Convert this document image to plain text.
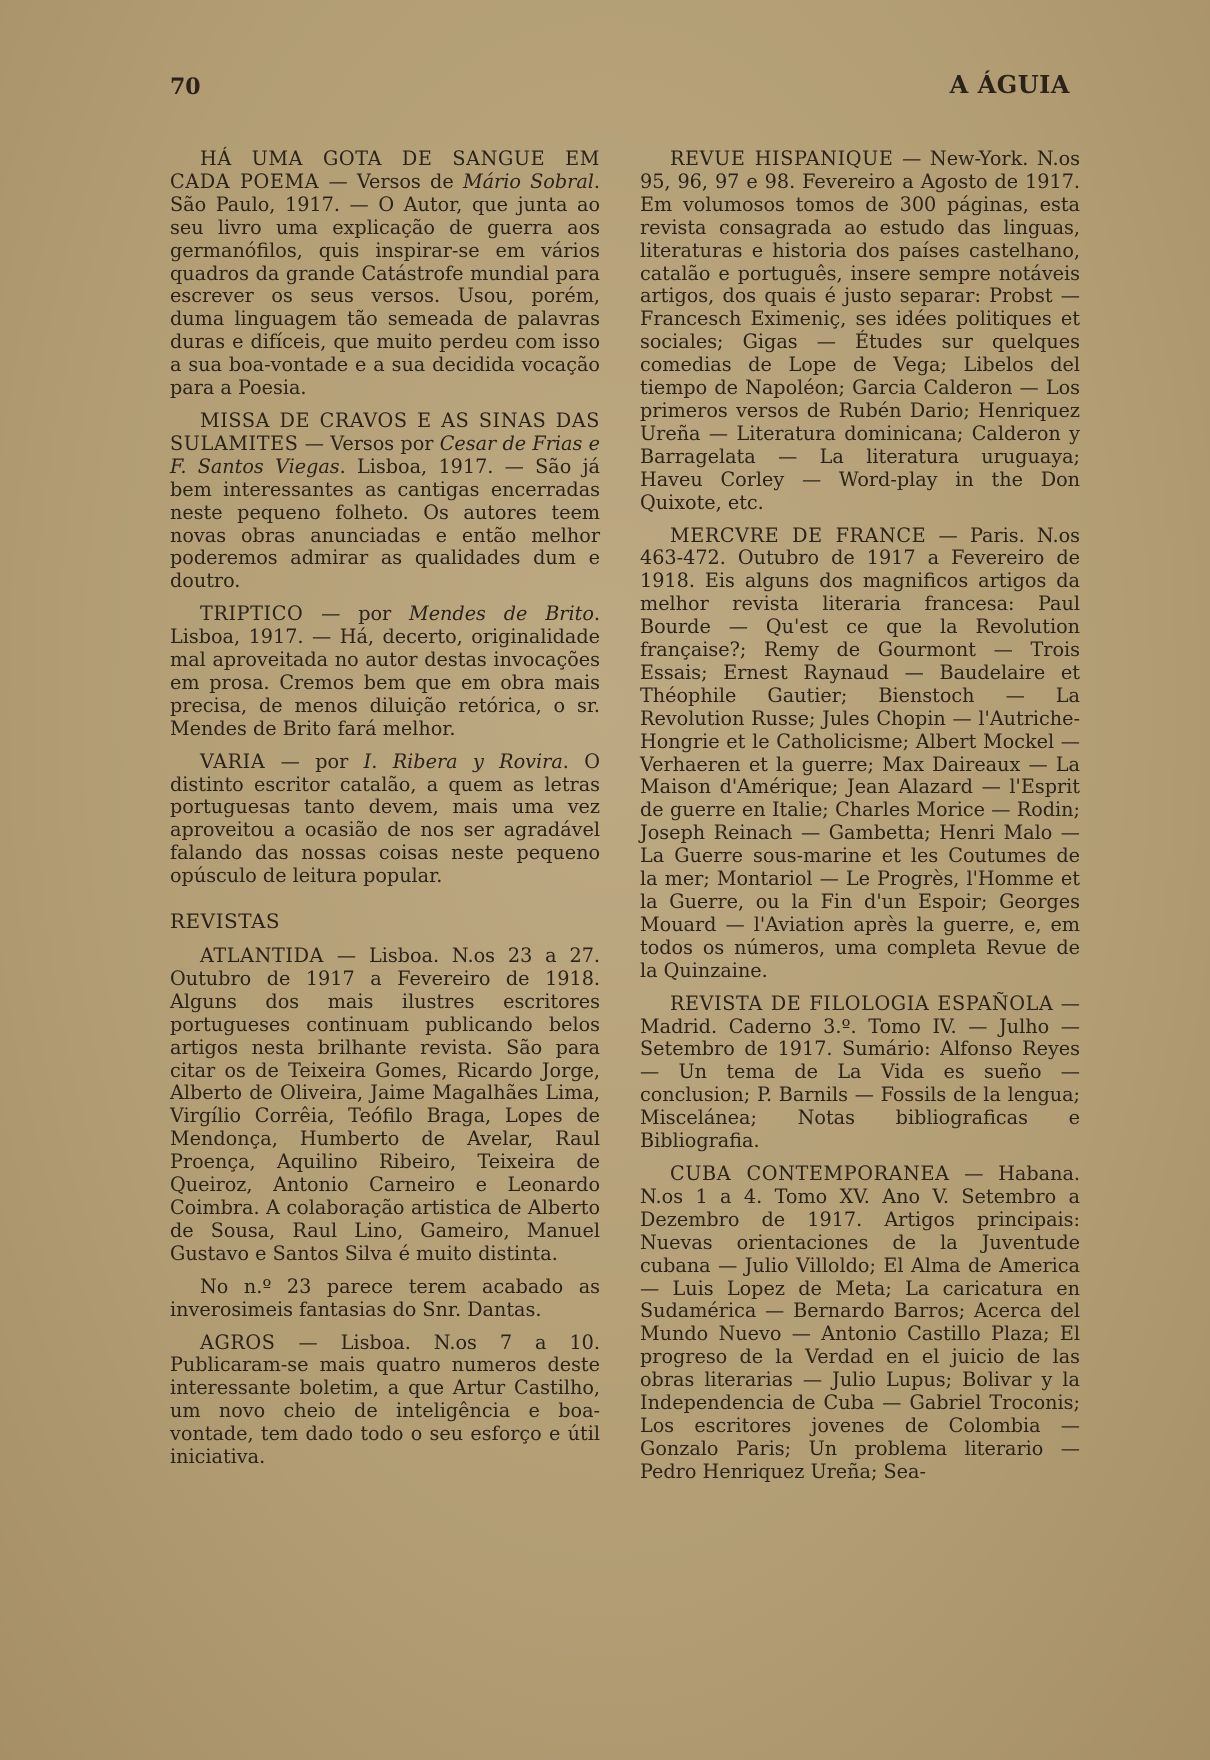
70	A ÁGUIA

HÁ UMA GOTA DE SANGUE EM CADA POEMA — Versos de Mário Sobral. São Paulo, 1917. — O Autor, que junta ao seu livro uma explicação de guerra aos germanófilos, quis inspirar-se em vários quadros da grande Catástrofe mundial para escrever os seus versos. Usou, porém, duma linguagem tão semeada de palavras duras e difíceis, que muito perdeu com isso a sua boa-vontade e a sua decidida vocação para a Poesia.

MISSA DE CRAVOS E AS SINAS DAS SULAMITES — Versos por Cesar de Frias e F. Santos Viegas. Lisboa, 1917. — São já bem interessantes as cantigas encerradas neste pequeno folheto. Os autores teem novas obras anunciadas e então melhor poderemos admirar as qualidades dum e doutro.

TRIPTICO — por Mendes de Brito. Lisboa, 1917. — Há, decerto, originalidade mal aproveitada no autor destas invocações em prosa. Cremos bem que em obra mais precisa, de menos diluição retórica, o sr. Mendes de Brito fará melhor.

VARIA — por I. Ribera y Rovira. O distinto escritor catalão, a quem as letras portuguesas tanto devem, mais uma vez aproveitou a ocasião de nos ser agradável falando das nossas coisas neste pequeno opúsculo de leitura popular.

REVISTAS

ATLANTIDA — Lisboa. N.os 23 a 27. Outubro de 1917 a Fevereiro de 1918. Alguns dos mais ilustres escritores portugueses continuam publicando belos artigos nesta brilhante revista. São para citar os de Teixeira Gomes, Ricardo Jorge, Alberto de Oliveira, Jaime Magalhães Lima, Virgílio Corrêia, Teófilo Braga, Lopes de Mendonça, Humberto de Avelar, Raul Proença, Aquilino Ribeiro, Teixeira de Queiroz, Antonio Carneiro e Leonardo Coimbra. A colaboração artistica de Alberto de Sousa, Raul Lino, Gameiro, Manuel Gustavo e Santos Silva é muito distinta.

No n.º 23 parece terem acabado as inverosimeis fantasias do Snr. Dantas.

AGROS — Lisboa. N.os 7 a 10. Publicaram-se mais quatro numeros deste interessante boletim, a que Artur Castilho, um novo cheio de inteligência e boa-vontade, tem dado todo o seu esforço e útil iniciativa.

REVUE HISPANIQUE — New-York. N.os 95, 96, 97 e 98. Fevereiro a Agosto de 1917. Em volumosos tomos de 300 páginas, esta revista consagrada ao estudo das linguas, literaturas e historia dos países castelhano, catalão e português, insere sempre notáveis artigos, dos quais é justo separar: Probst — Francesch Eximeniç, ses idées politiques et sociales; Gigas — Études sur quelques comedias de Lope de Vega; Libelos del tiempo de Napoléon; Garcia Calderon — Los primeros versos de Rubén Dario; Henriquez Ureña — Literatura dominicana; Calderon y Barragelata — La literatura uruguaya; Haveu Corley — Word-play in the Don Quixote, etc.

MERCVRE DE FRANCE — Paris. N.os 463-472. Outubro de 1917 a Fevereiro de 1918. Eis alguns dos magnificos artigos da melhor revista literaria francesa: Paul Bourde — Qu'est ce que la Revolution française?; Remy de Gourmont — Trois Essais; Ernest Raynaud — Baudelaire et Théophile Gautier; Bienstoch — La Revolution Russe; Jules Chopin — l'Autriche-Hongrie et le Catholicisme; Albert Mockel — Verhaeren et la guerre; Max Daireaux — La Maison d'Amérique; Jean Alazard — l'Esprit de guerre en Italie; Charles Morice — Rodin; Joseph Reinach — Gambetta; Henri Malo — La Guerre sous-marine et les Coutumes de la mer; Montariol — Le Progrès, l'Homme et la Guerre, ou la Fin d'un Espoir; Georges Mouard — l'Aviation après la guerre, e, em todos os números, uma completa Revue de la Quinzaine.

REVISTA DE FILOLOGIA ESPAÑOLA — Madrid. Caderno 3.º. Tomo IV. — Julho — Setembro de 1917. Sumário: Alfonso Reyes — Un tema de La Vida es sueño — conclusion; P. Barnils — Fossils de la lengua; Miscelánea; Notas bibliograficas e Bibliografia.

CUBA CONTEMPORANEA — Habana. N.os 1 a 4. Tomo XV. Ano V. Setembro a Dezembro de 1917. Artigos principais: Nuevas orientaciones de la Juventude cubana — Julio Villoldo; El Alma de America — Luis Lopez de Meta; La caricatura en Sudamérica — Bernardo Barros; Acerca del Mundo Nuevo — Antonio Castillo Plaza; El progreso de la Verdad en el juicio de las obras literarias — Julio Lupus; Bolivar y la Independencia de Cuba — Gabriel Troconis; Los escritores jovenes de Colombia — Gonzalo Paris; Un problema literario — Pedro Henriquez Ureña; Sea-
